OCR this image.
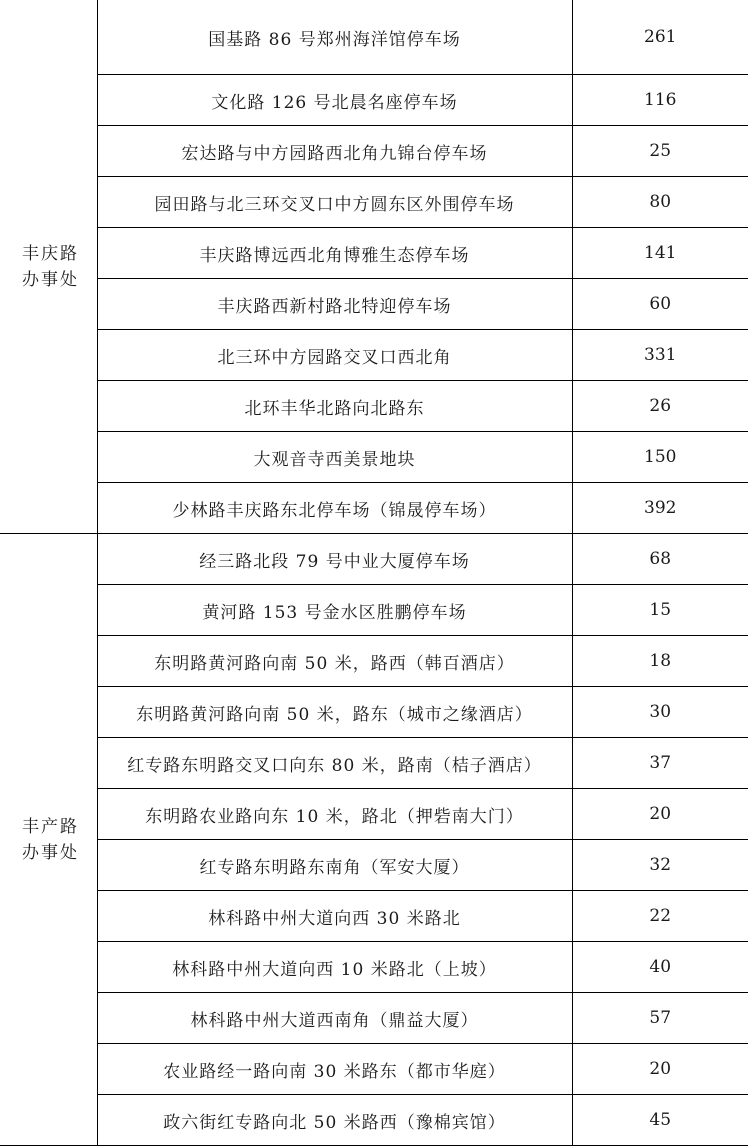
丰庆路办事处	国基路 86 号郑州海洋馆停车场	261
	文化路 126 号北晨名座停车场	116
	宏达路与中方园路西北角九锦台停车场	25
	园田路与北三环交叉口中方圆东区外围停车场	80
	丰庆路博远西北角博雅生态停车场	141
	丰庆路西新村路北特迎停车场	60
	北三环中方园路交叉口西北角	331
	北环丰华北路向北路东	26
	大观音寺西美景地块	150
	少林路丰庆路东北停车场（锦晟停车场）	392
丰产路办事处	经三路北段 79 号中业大厦停车场	68
	黄河路 153 号金水区胜鹏停车场	15
	东明路黄河路向南 50 米，路西（韩百酒店）	18
	东明路黄河路向南 50 米，路东（城市之缘酒店）	30
	红专路东明路交叉口向东 80 米，路南（桔子酒店）	37
	东明路农业路向东 10 米，路北（押砦南大门）	20
	红专路东明路东南角（军安大厦）	32
	林科路中州大道向西 30 米路北	22
	林科路中州大道向西 10 米路北（上坡）	40
	林科路中州大道西南角（鼎益大厦）	57
	农业路经一路向南 30 米路东（都市华庭）	20
	政六街红专路向北 50 米路西（豫棉宾馆）	45
